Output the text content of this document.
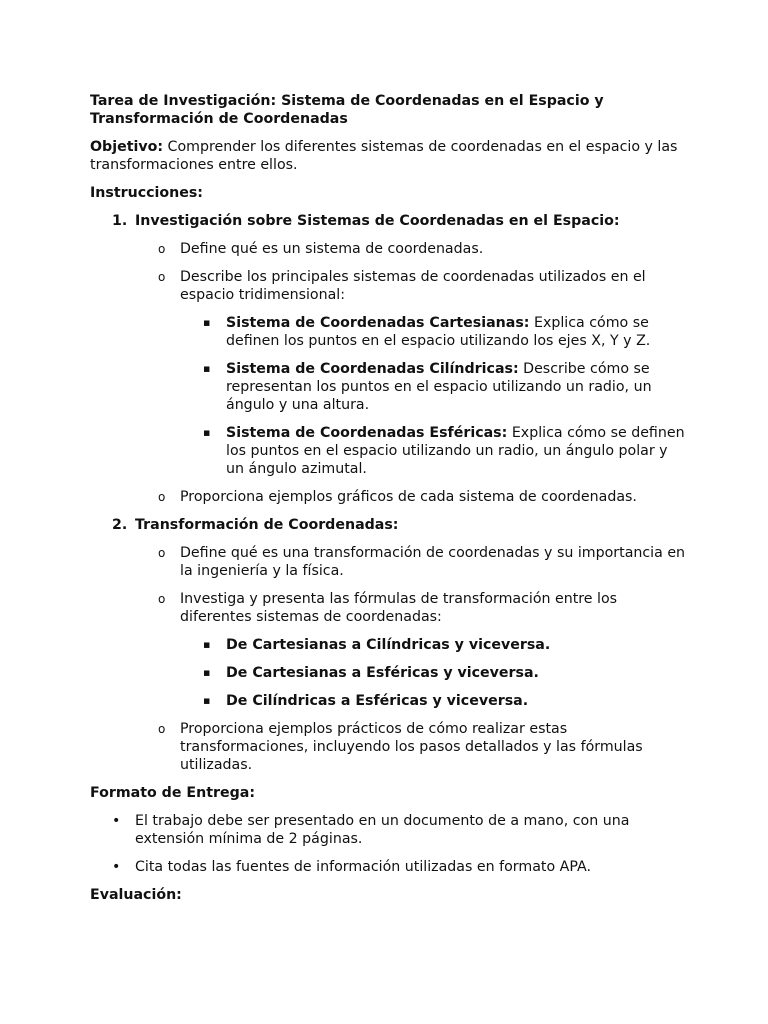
Tarea de Investigación: Sistema de Coordenadas en el Espacio y Transformación de Coordenadas

Objetivo: Comprender los diferentes sistemas de coordenadas en el espacio y las transformaciones entre ellos.

Instrucciones:

1. Investigación sobre Sistemas de Coordenadas en el Espacio:
o Define qué es un sistema de coordenadas.
o Describe los principales sistemas de coordenadas utilizados en el espacio tridimensional:
▪ Sistema de Coordenadas Cartesianas: Explica cómo se definen los puntos en el espacio utilizando los ejes X, Y y Z.
▪ Sistema de Coordenadas Cilíndricas: Describe cómo se representan los puntos en el espacio utilizando un radio, un ángulo y una altura.
▪ Sistema de Coordenadas Esféricas: Explica cómo se definen los puntos en el espacio utilizando un radio, un ángulo polar y un ángulo azimutal.
o Proporciona ejemplos gráficos de cada sistema de coordenadas.
2. Transformación de Coordenadas:
o Define qué es una transformación de coordenadas y su importancia en la ingeniería y la física.
o Investiga y presenta las fórmulas de transformación entre los diferentes sistemas de coordenadas:
▪ De Cartesianas a Cilíndricas y viceversa.
▪ De Cartesianas a Esféricas y viceversa.
▪ De Cilíndricas a Esféricas y viceversa.
o Proporciona ejemplos prácticos de cómo realizar estas transformaciones, incluyendo los pasos detallados y las fórmulas utilizadas.

Formato de Entrega:

• El trabajo debe ser presentado en un documento de a mano, con una extensión mínima de 2 páginas.
• Cita todas las fuentes de información utilizadas en formato APA.

Evaluación:
